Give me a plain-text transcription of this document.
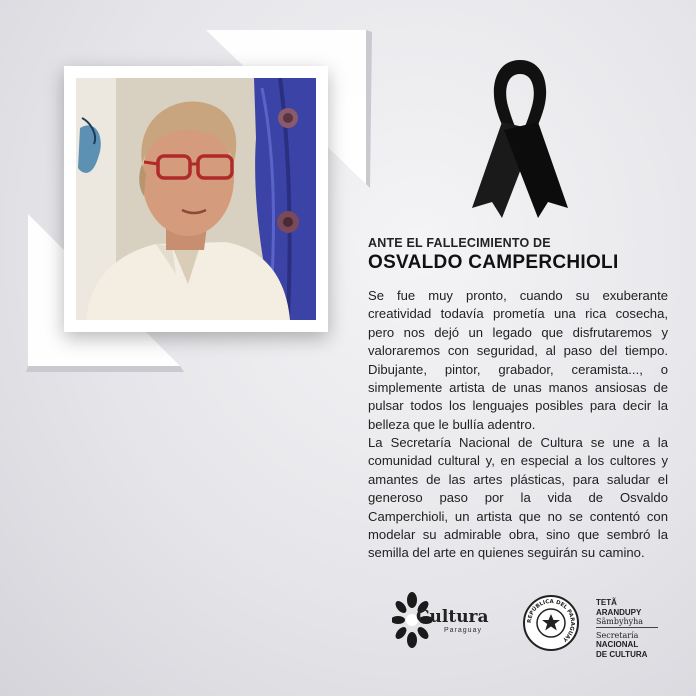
ANTE EL FALLECIMIENTO DE
OSVALDO CAMPERCHIOLI

Se fue muy pronto, cuando su exuberante creatividad todavía prometía una rica cosecha, pero nos dejó un legado que disfrutaremos y valoraremos con seguridad, al paso del tiempo. Dibujante, pintor, grabador, ceramista..., o simplemente artista de unas manos ansiosas de pulsar todos los lenguajes posibles para decir la belleza que le bullía adentro.

La Secretaría Nacional de Cultura se une a la comunidad cultural y, en especial a los cultores y amantes de las artes plásticas, para saludar el generoso paso por la vida de Osvaldo Camperchioli, un artista que no se contentó con modelar su admirable obra, sino que sembró la semilla del arte en quienes seguirán su camino.

Cultura
Paraguay
REPÚBLICA DEL PARAGUAY
TETÃ
ARANDUPY
Sãmbyhyha
Secretaría
NACIONAL
DE CULTURA
